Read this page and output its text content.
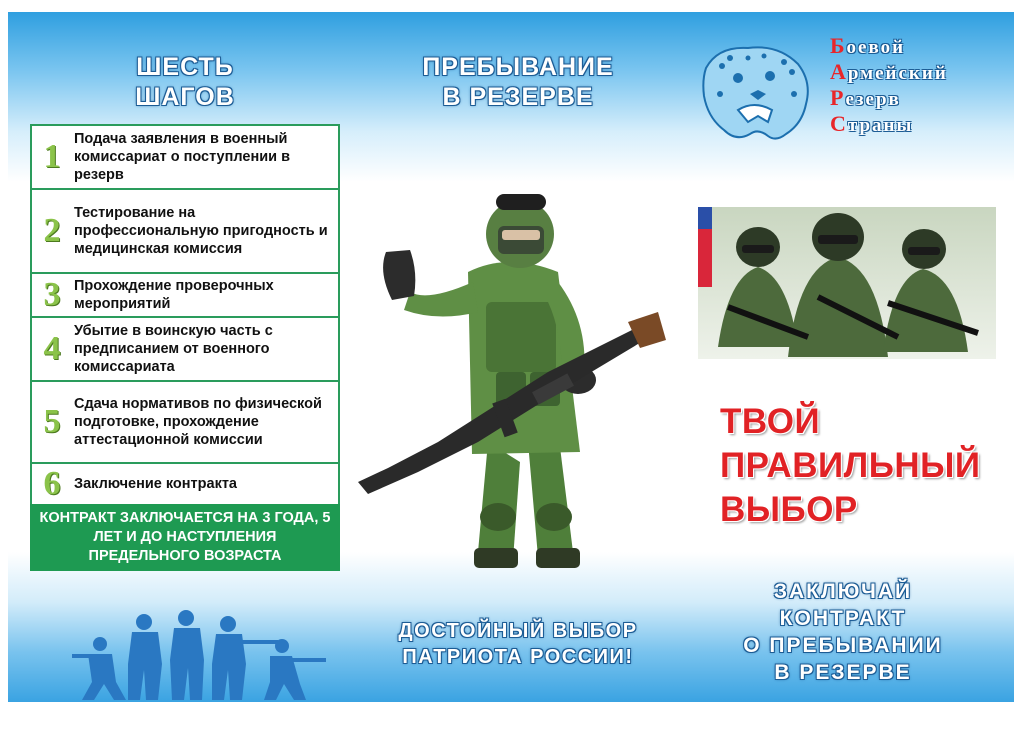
ШЕСТЬ
ШАГОВ
ПРЕБЫВАНИЕ
В РЕЗЕРВЕ
Боевой
Армейский
Резерв
Страны
1 Подача заявления в военный комиссариат о поступлении в резерв
2 Тестирование на профессиональную пригодность и медицинская комиссия
3 Прохождение проверочных мероприятий
4 Убытие в воинскую часть с предписанием от военного комиссариата
5 Сдача нормативов по физической подготовке, прохождение аттестационной комиссии
6 Заключение контракта
КОНТРАКТ ЗАКЛЮЧАЕТСЯ НА 3 ГОДА, 5 ЛЕТ И ДО НАСТУПЛЕНИЯ ПРЕДЕЛЬНОГО ВОЗРАСТА
ТВОЙ
ПРАВИЛЬНЫЙ
ВЫБОР
ДОСТОЙНЫЙ ВЫБОР
ПАТРИОТА РОССИИ!
ЗАКЛЮЧАЙ
КОНТРАКТ
О ПРЕБЫВАНИИ
В РЕЗЕРВЕ
